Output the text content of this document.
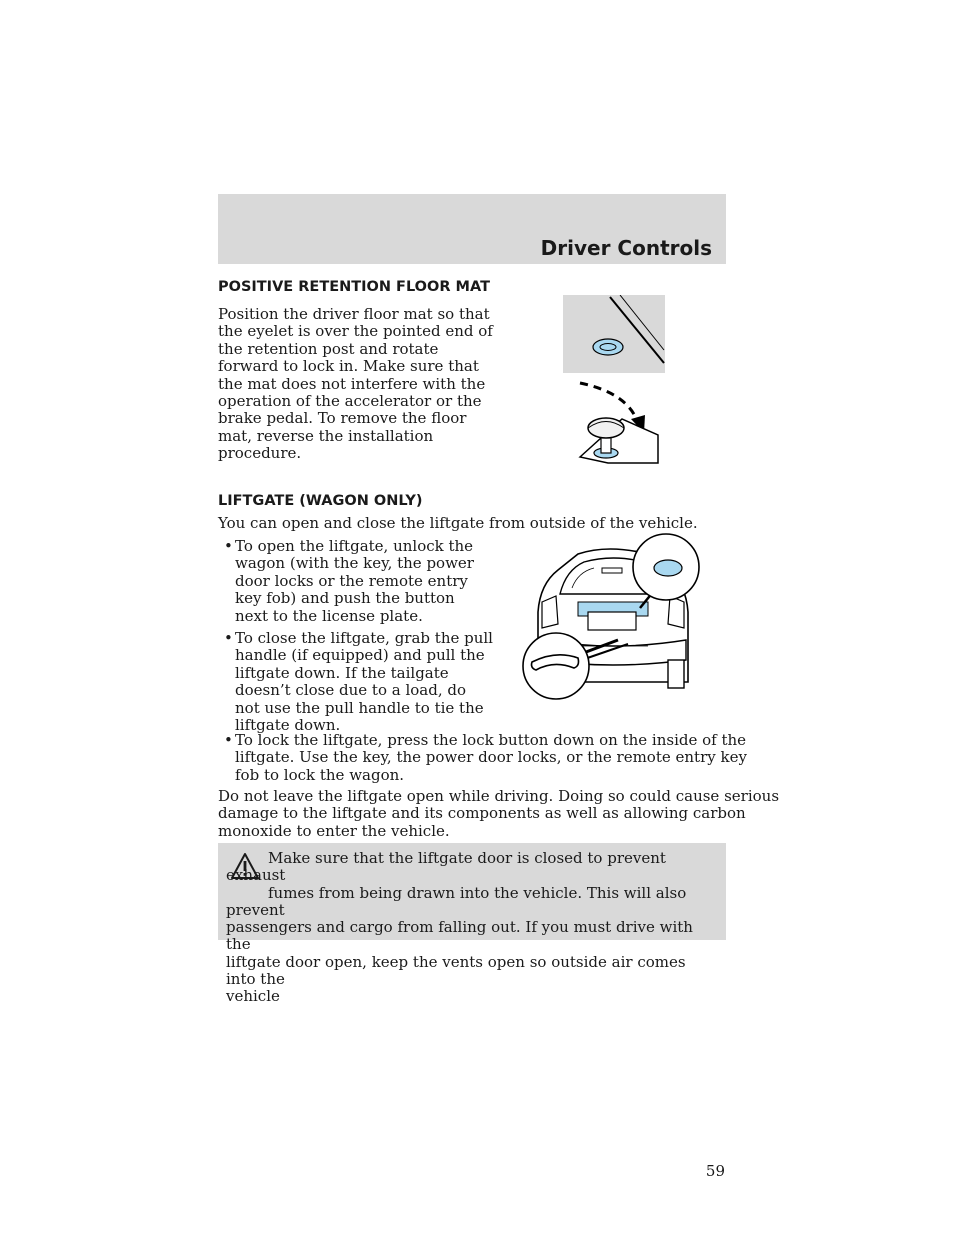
Driver Controls
POSITIVE RETENTION FLOOR MAT

Position the driver floor mat so that
the eyelet is over the pointed end of
the retention post and rotate
forward to lock in. Make sure that
the mat does not interfere with the
operation of the accelerator or the
brake pedal. To remove the floor
mat, reverse the installation
procedure.

LIFTGATE (WAGON ONLY)

You can open and close the liftgate from outside of the vehicle.

• To open the liftgate, unlock the
wagon (with the key, the power
door locks or the remote entry
key fob) and push the button
next to the license plate.
• To close the liftgate, grab the pull
handle (if equipped) and pull the
liftgate down. If the tailgate
doesn’t close due to a load, do
not use the pull handle to tie the
liftgate down.
• To lock the liftgate, press the lock button down on the inside of the
liftgate. Use the key, the power door locks, or the remote entry key
fob to lock the wagon.

Do not leave the liftgate open while driving. Doing so could cause serious
damage to the liftgate and its components as well as allowing carbon
monoxide to enter the vehicle.

Make sure that the liftgate door is closed to prevent exhaust
fumes from being drawn into the vehicle. This will also prevent
passengers and cargo from falling out. If you must drive with the
liftgate door open, keep the vents open so outside air comes into the
vehicle

59
